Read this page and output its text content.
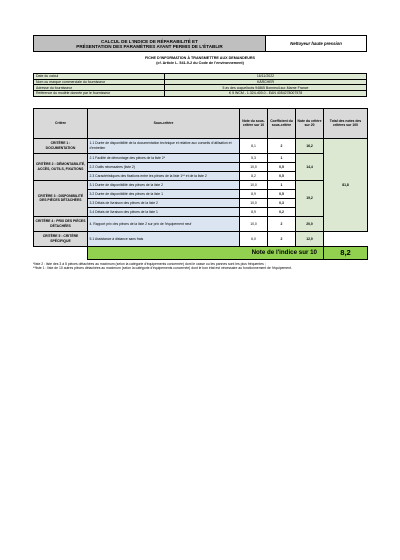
CALCUL DE L'INDICE DE RÉPARABILITÉ ET
PRÉSENTATION DES PARAMÈTRES AYANT PERMIS DE L'ÉTABLIR
Nettoyeur haute pression
FICHE D'INFORMATION À TRANSMETTRE AUX DEMANDEURS
(cf. Article L. 541-9-2 du Code de l'environnement)
Date du calcul	16/11/2022
Nom ou marque commerciale du fournisseur	KÄRCHER
Adresse du fournisseur	5 av des coquelicots 94865 Bonneuil-sur-Marne France
Référence du modèle donnée par le fournisseur	K 5 WCM - 1.324-400.0 - EAN 4054278007578
Critère	Sous-critère	Note du sous-critère sur 10	Coefficient du sous-critère	Note du critère sur 20	Total des notes des critères sur 100
CRITÈRE 1 : DOCUMENTATION	1.1 Durée de disponibilité de la documentation technique et relative aux conseils d'utilisation et d'entretien	8,1	2	16,2	81,8
CRITÈRE 2 : DÉMONTABILITÉ, ACCÈS, OUTILS, FIXATIONS	2.1 Facilité de démontage des pièces de la liste 2*	5,3	1	14,4	
	2.2 Outils nécessaires (liste 2)	10,0	0,5		
	2.3 Caractéristiques des fixations entre les pièces de la liste 1** et de la liste 2	8,2	0,5		
CRITÈRE 3 : DISPONIBILITÉ DES PIÈCES DÉTACHÉES	3.1 Durée de disponibilité des pièces de la liste 2	10,0	1	19,2	
	3.2 Durée de disponibilité des pièces de la liste 1	8,9	0,5		
	3.3 Délais de livraison des pièces de la liste 2	10,0	0,3		
	3.4 Délais de livraison des pièces de la liste 1	8,9	0,2		
CRITÈRE 4 : PRIX DES PIÈCES DÉTACHÉES	4. Rapport prix des pièces de la liste 2 sur prix de l'équipement neuf	10,0	2	20,0	
CRITÈRE 5 : CRITÈRE SPÉCIFIQUE	5.1 Assistance à distance sans frais	6,0	2	12,0	
	Note de l'indice sur 10				8,2
*liste 2 : liste des 3 à 5 pièces détachées au maximum (selon la catégorie d'équipements concernée) dont le casse ou les pannes sont les plus fréquentes ;
**liste 1 : liste de 10 autres pièces détachées au maximum (selon la catégorie d'équipements concernée) dont le bon état est nécessaire au fonctionnement de l'équipement.
